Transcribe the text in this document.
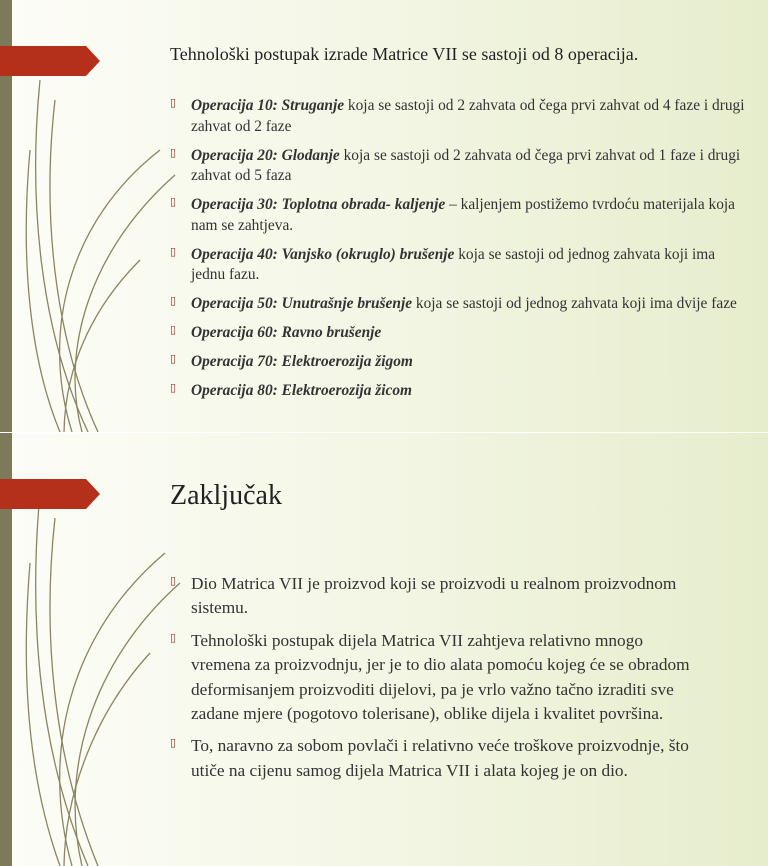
Tehnološki postupak izrade Matrice VII se sastoji od 8 operacija.
▯ Operacija 10: Struganje koja se sastoji od 2 zahvata od čega prvi zahvat od 4 faze i drugi zahvat od 2 faze
▯ Operacija 20: Glodanje koja se sastoji od 2 zahvata od čega prvi zahvat od 1 faze i drugi zahvat od 5 faza
▯ Operacija 30: Toplotna obrada- kaljenje – kaljenjem postižemo tvrdoću materijala koja nam se zahtjeva.
▯ Operacija 40: Vanjsko (okruglo) brušenje koja se sastoji od jednog zahvata koji ima jednu fazu.
▯ Operacija 50: Unutrašnje brušenje koja se sastoji od jednog zahvata koji ima dvije faze
▯ Operacija 60: Ravno brušenje
▯ Operacija 70: Elektroerozija žigom
▯ Operacija 80: Elektroerozija žicom
Zaključak
▯ Dio Matrica VII je proizvod koji se proizvodi u realnom proizvodnom sistemu.
▯ Tehnološki postupak dijela Matrica VII zahtjeva relativno mnogo vremena za proizvodnju, jer je to dio alata pomoću kojeg će se obradom deformisanjem proizvoditi dijelovi, pa je vrlo važno tačno izraditi sve zadane mjere (pogotovo tolerisane), oblike dijela i kvalitet površina.
▯ To, naravno za sobom povlači i relativno veće troškove proizvodnje, što utiče na cijenu samog dijela Matrica VII i alata kojeg je on dio.
